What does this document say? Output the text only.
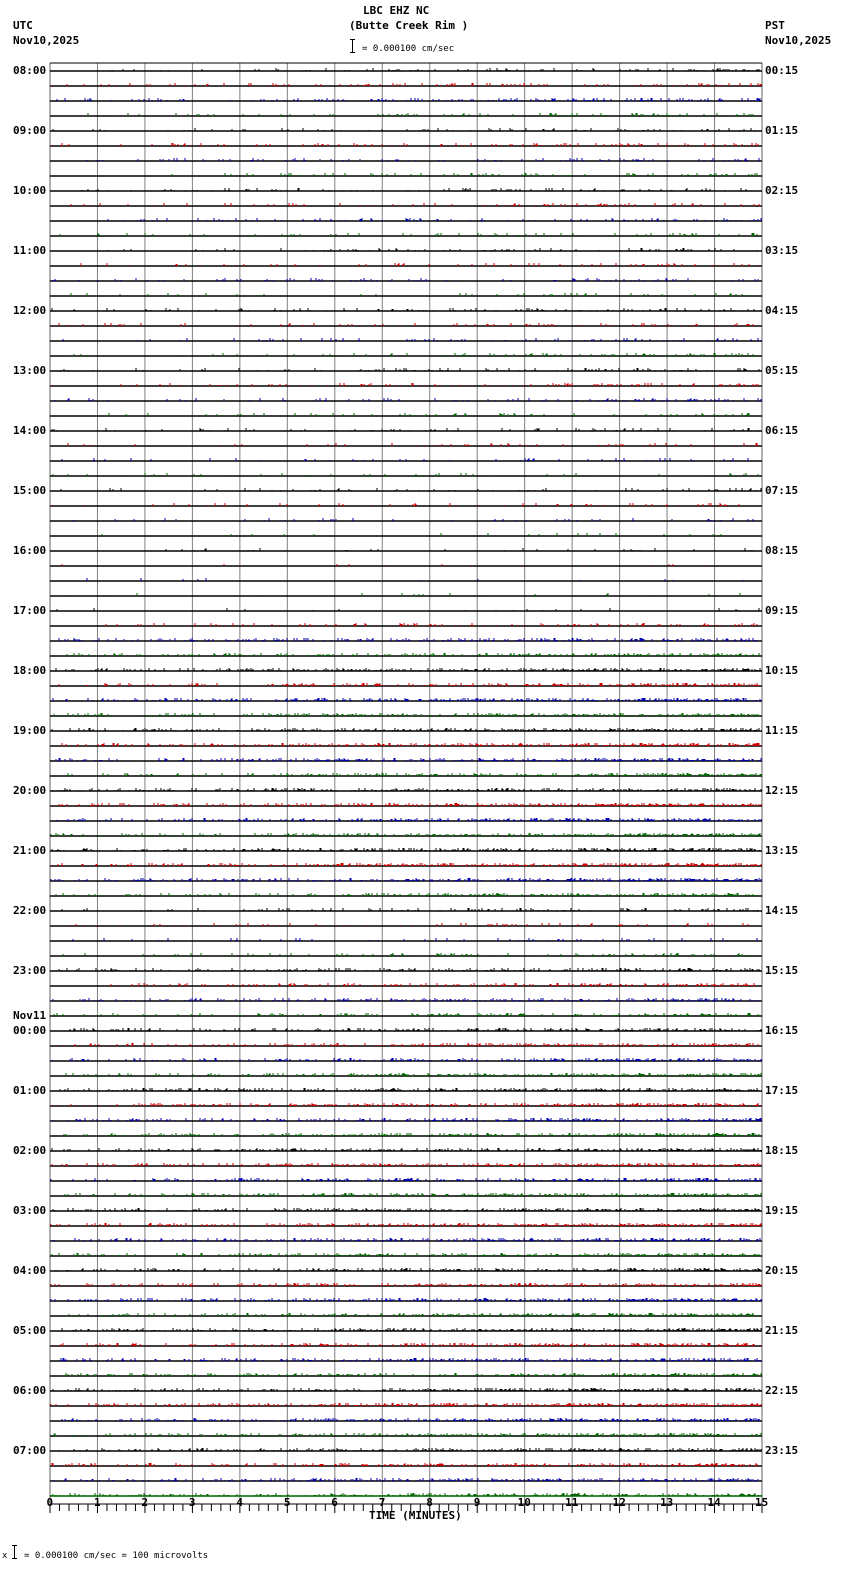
LBC EHZ NC
(Butte Creek Rim )
= 0.000100 cm/sec
UTC
Nov10,2025
PST
Nov10,2025
08:00
09:00
10:00
11:00
12:00
13:00
14:00
15:00
16:00
17:00
18:00
19:00
20:00
21:00
22:00
23:00
00:00
01:00
02:00
03:00
04:00
05:00
06:00
07:00
Nov11
00:15
01:15
02:15
03:15
04:15
05:15
06:15
07:15
08:15
09:15
10:15
11:15
12:15
13:15
14:15
15:15
16:15
17:15
18:15
19:15
20:15
21:15
22:15
23:15
0	1	2	3	4	5	6	7	8	9	10	11	12	13	14	15
TIME (MINUTES)
x = 0.000100 cm/sec = 100 microvolts
